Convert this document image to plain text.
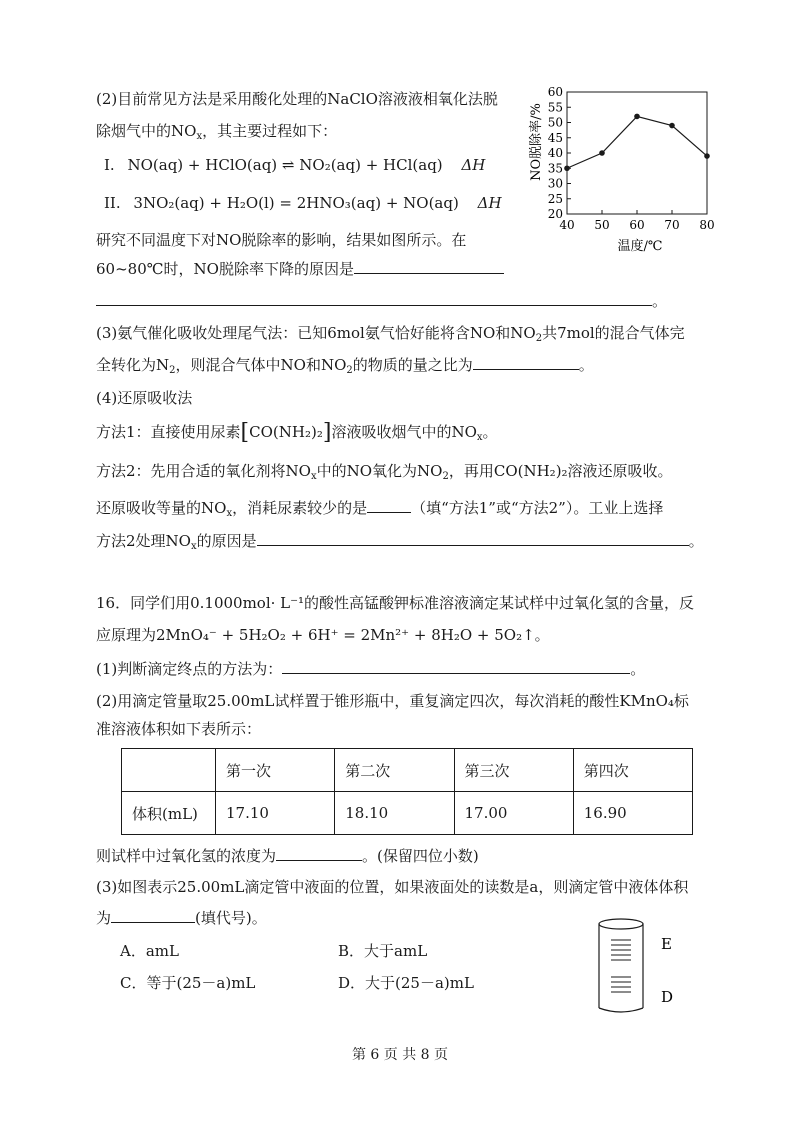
(2)目前常见方法是采用酸化处理的NaClO溶液液相氧化法脱
除烟气中的$NO_x$，其主要过程如下：
I. NO(aq) + HClO(aq) ⇌ NO₂(aq) + HCl(aq) ΔH
II. 3NO₂(aq) + H₂O(l) = 2HNO₃(aq) + NO(aq) ΔH
研究不同温度下对NO脱除率的影响，结果如图所示。在
60~80℃时，NO脱除率下降的原因是
。
NO脱除率/%
温度/℃
20
25
30
35
40
45
50
55
60
40 50 60 70 80
(3)氨气催化吸收处理尾气法：已知6mol氨气恰好能将含NO和$NO_2$共7mol的混合气体完
全转化为$N_2$，则混合气体中NO和$NO_2$的物质的量之比为	。
(4)还原吸收法
方法1：直接使用尿素[CO(NH₂)₂]溶液吸收烟气中的$NO_x$。
方法2：先用合适的氧化剂将$NO_x$中的NO氧化为$NO_2$，再用CO(NH₂)₂溶液还原吸收。
还原吸收等量的$NO_x$，消耗尿素较少的是	（填“方法1”或“方法2”）。工业上选择
方法2处理$NO_x$的原因是	。
16．同学们用0.1000mol· L⁻¹的酸性高锰酸钾标准溶液滴定某试样中过氧化氢的含量，反
应原理为2MnO₄⁻ + 5H₂O₂ + 6H⁺ = 2Mn²⁺ + 8H₂O + 5O₂↑。
(1)判断滴定终点的方法为：	。
(2)用滴定管量取25.00mL试样置于锥形瓶中，重复滴定四次，每次消耗的酸性KMnO₄标
准溶液体积如下表所示：
	第一次	第二次	第三次	第四次
体积(mL)	17.10	18.10	17.00	16.90
则试样中过氧化氢的浓度为	。(保留四位小数)
(3)如图表示25.00mL滴定管中液面的位置，如果液面处的读数是a，则滴定管中液体体积
为	(填代号)。
A．amL	B．大于amL
C．等于(25－a)mL	D．大于(25－a)mL
E
D
第 6 页 共 8 页
